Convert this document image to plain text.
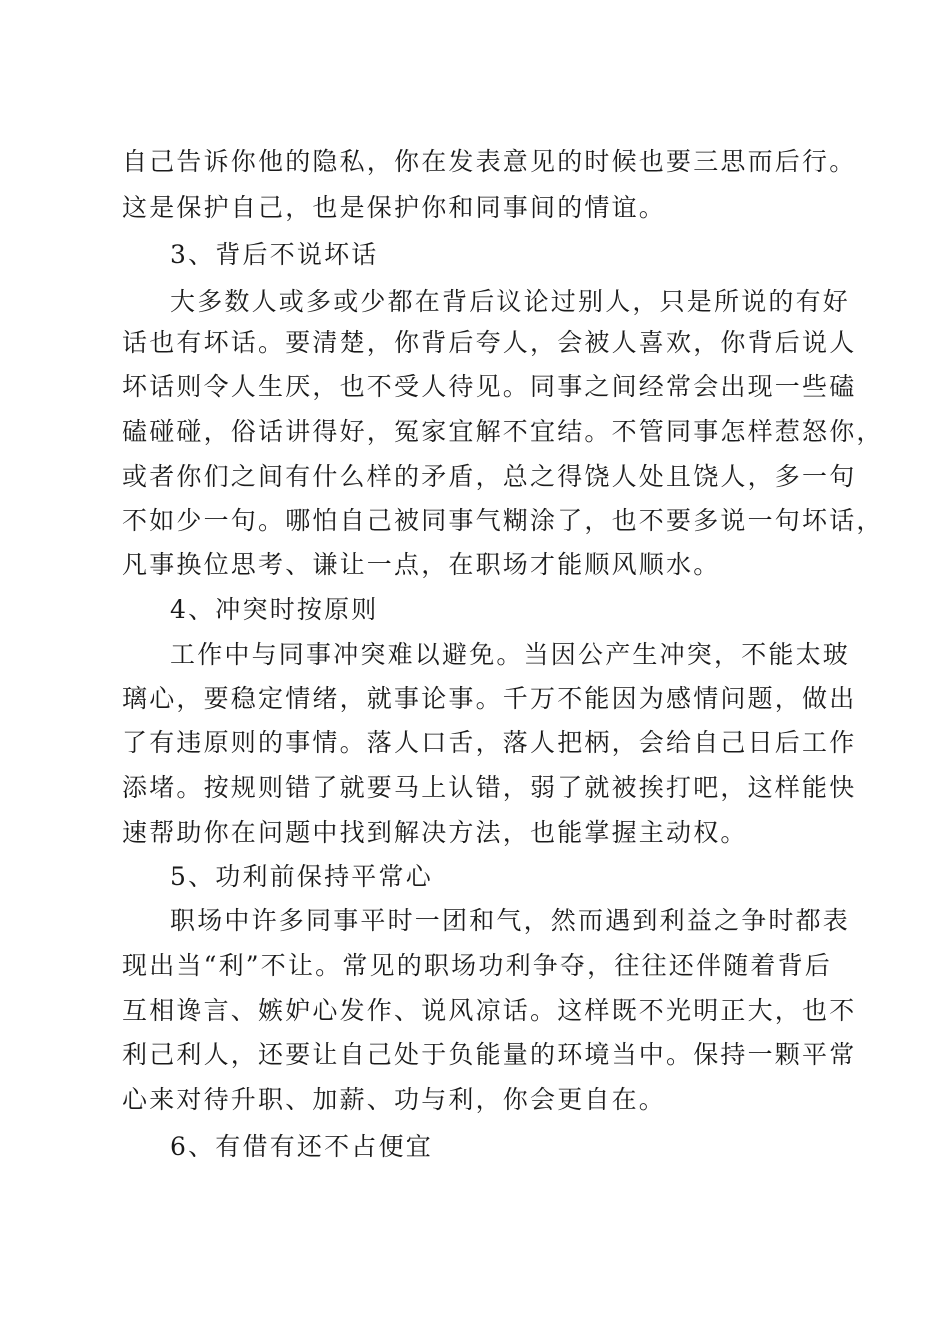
自己告诉你他的隐私，你在发表意见的时候也要三思而后行。
这是保护自己，也是保护你和同事间的情谊。
3、背后不说坏话
大多数人或多或少都在背后议论过别人，只是所说的有好
话也有坏话。要清楚，你背后夸人，会被人喜欢，你背后说人
坏话则令人生厌，也不受人待见。同事之间经常会出现一些磕
磕碰碰，俗话讲得好，冤家宜解不宜结。不管同事怎样惹怒你，
或者你们之间有什么样的矛盾，总之得饶人处且饶人，多一句
不如少一句。哪怕自己被同事气糊涂了，也不要多说一句坏话，
凡事换位思考、谦让一点，在职场才能顺风顺水。
4、冲突时按原则
工作中与同事冲突难以避免。当因公产生冲突，不能太玻
璃心，要稳定情绪，就事论事。千万不能因为感情问题，做出
了有违原则的事情。落人口舌，落人把柄，会给自己日后工作
添堵。按规则错了就要马上认错，弱了就被挨打吧，这样能快
速帮助你在问题中找到解决方法，也能掌握主动权。
5、功利前保持平常心
职场中许多同事平时一团和气，然而遇到利益之争时都表
现出当“利”不让。常见的职场功利争夺，往往还伴随着背后
互相谗言、嫉妒心发作、说风凉话。这样既不光明正大，也不
利己利人，还要让自己处于负能量的环境当中。保持一颗平常
心来对待升职、加薪、功与利，你会更自在。
6、有借有还不占便宜
